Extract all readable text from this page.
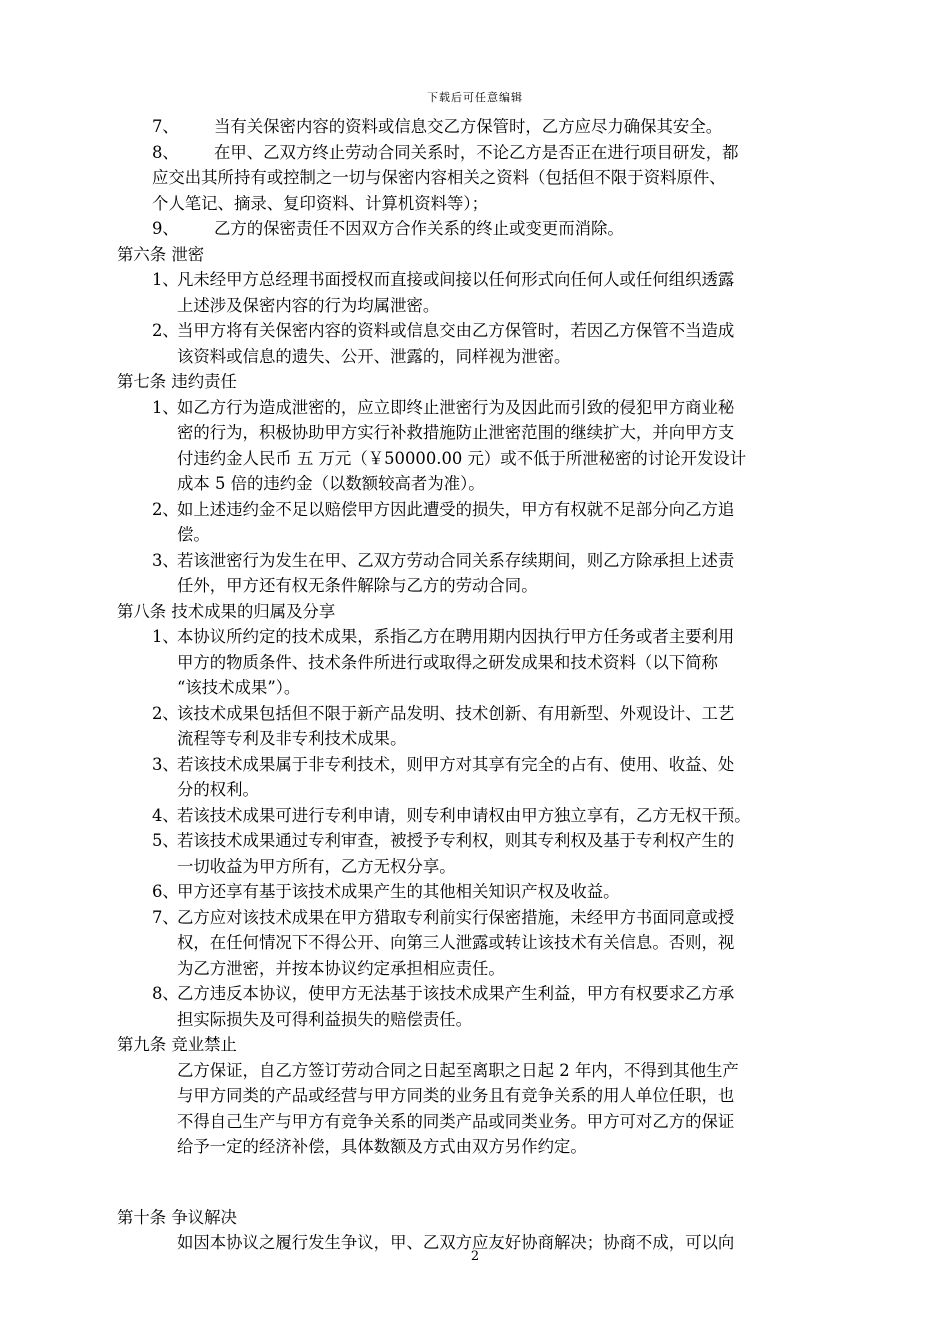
下载后可任意编辑
7、 当有关保密内容的资料或信息交乙方保管时，乙方应尽力确保其安全。
8、 在甲、乙双方终止劳动合同关系时，不论乙方是否正在进行项目研发，都
应交出其所持有或控制之一切与保密内容相关之资料（包括但不限于资料原件、
个人笔记、摘录、复印资料、计算机资料等）；
9、 乙方的保密责任不因双方合作关系的终止或变更而消除。
第六条 泄密
1、凡未经甲方总经理书面授权而直接或间接以任何形式向任何人或任何组织透露
上述涉及保密内容的行为均属泄密。
2、当甲方将有关保密内容的资料或信息交由乙方保管时，若因乙方保管不当造成
该资料或信息的遗失、公开、泄露的，同样视为泄密。
第七条 违约责任
1、如乙方行为造成泄密的，应立即终止泄密行为及因此而引致的侵犯甲方商业秘
密的行为，积极协助甲方实行补救措施防止泄密范围的继续扩大，并向甲方支
付违约金人民币 五 万元（￥50000.00 元）或不低于所泄秘密的讨论开发设计
成本 5 倍的违约金（以数额较高者为准）。
2、如上述违约金不足以赔偿甲方因此遭受的损失，甲方有权就不足部分向乙方追
偿。
3、若该泄密行为发生在甲、乙双方劳动合同关系存续期间，则乙方除承担上述责
任外，甲方还有权无条件解除与乙方的劳动合同。
第八条 技术成果的归属及分享
1、本协议所约定的技术成果，系指乙方在聘用期内因执行甲方任务或者主要利用
甲方的物质条件、技术条件所进行或取得之研发成果和技术资料（以下简称
“该技术成果”）。
2、该技术成果包括但不限于新产品发明、技术创新、有用新型、外观设计、工艺
流程等专利及非专利技术成果。
3、若该技术成果属于非专利技术，则甲方对其享有完全的占有、使用、收益、处
分的权利。
4、若该技术成果可进行专利申请，则专利申请权由甲方独立享有，乙方无权干预。
5、若该技术成果通过专利审查，被授予专利权，则其专利权及基于专利权产生的
一切收益为甲方所有，乙方无权分享。
6、甲方还享有基于该技术成果产生的其他相关知识产权及收益。
7、乙方应对该技术成果在甲方猎取专利前实行保密措施，未经甲方书面同意或授
权，在任何情况下不得公开、向第三人泄露或转让该技术有关信息。否则，视
为乙方泄密，并按本协议约定承担相应责任。
8、乙方违反本协议，使甲方无法基于该技术成果产生利益，甲方有权要求乙方承
担实际损失及可得利益损失的赔偿责任。
第九条 竞业禁止
乙方保证，自乙方签订劳动合同之日起至离职之日起 2 年内，不得到其他生产
与甲方同类的产品或经营与甲方同类的业务且有竞争关系的用人单位任职，也
不得自己生产与甲方有竞争关系的同类产品或同类业务。甲方可对乙方的保证
给予一定的经济补偿，具体数额及方式由双方另作约定。
第十条 争议解决
如因本协议之履行发生争议，甲、乙双方应友好协商解决；协商不成，可以向
2
